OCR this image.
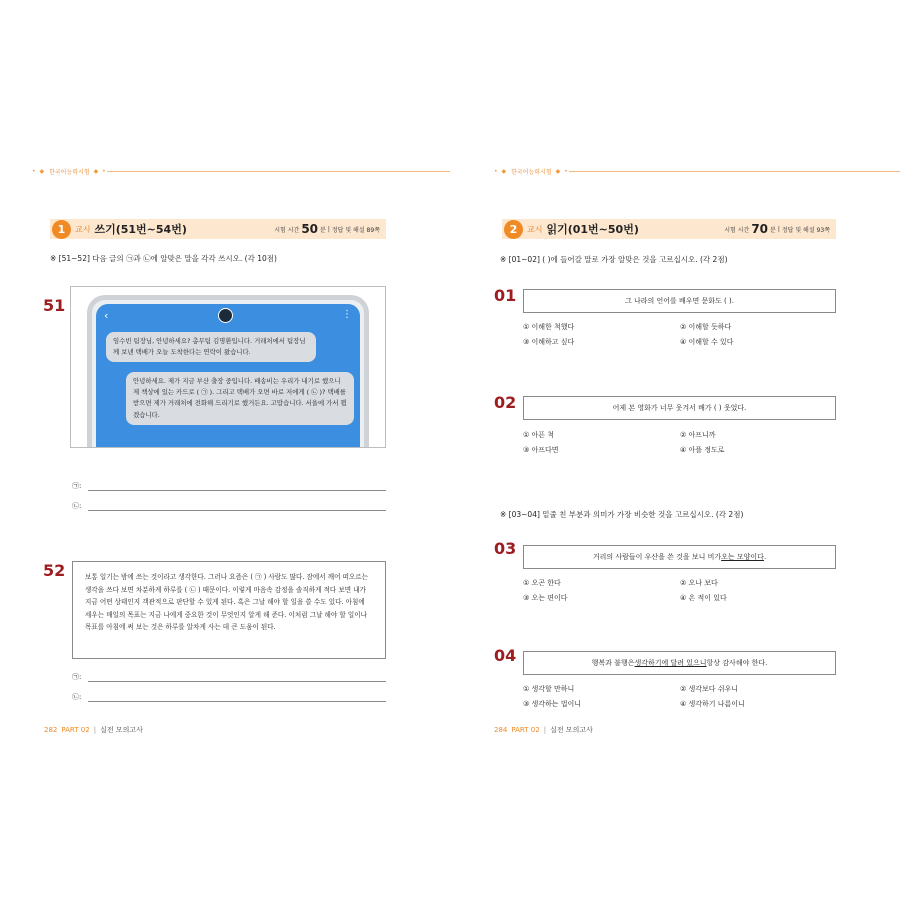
• ◆ 한국어능력시험 ◆ •
1	교시 쓰기(51번~54번)	시험 시간 50 분 | 정답 및 해설 89쪽
※ [51~52] 다음 글의 ㉠과 ㉡에 알맞은 말을 각각 쓰시오. (각 10점)
51	‹	⋮
임수빈 팀장님, 안녕하세요? 총무팀 김명환입니다. 거래처에서 팀장님께 보낸 택배가 오늘 도착한다는 연락이 왔습니다.
안녕하세요. 제가 지금 부산 출장 중입니다. 배송비는 우리가 내기로 했으니 제 책상에 있는 카드로 ( ㉠ ). 그리고 택배가 오면 바로 저에게 ( ㉡ )? 택배를 받으면 제가 거래처에 전화해 드리기로 했거든요. 고맙습니다. 서울에 가서 뵙겠습니다.
㉠:
㉡:
52	보통 일기는 밤에 쓰는 것이라고 생각한다. 그러나 요즘은 ( ㉠ ) 사람도 많다. 잠에서 깨어 떠오르는 생각을 쓰다 보면 차분하게 하루를 ( ㉡ ) 때문이다. 이렇게 마음속 감정을 솔직하게 적다 보면 내가 지금 어떤 상태인지 객관적으로 판단할 수 있게 된다. 혹은 그날 해야 할 일을 쓸 수도 있다. 아침에 세우는 매일의 목표는 지금 나에게 중요한 것이 무엇인지 알게 해 준다. 이처럼 그날 해야 할 일이나 목표를 아침에 써 보는 것은 하루를 알차게 사는 데 큰 도움이 된다.
㉠:
㉡:
282 PART 02 | 실전 모의고사
• ◆ 한국어능력시험 ◆ •
2	교시 읽기(01번~50번)	시험 시간 70 분 | 정답 및 해설 93쪽
※ [01~02] ( )에 들어갈 말로 가장 알맞은 것을 고르십시오. (각 2점)
01	그 나라의 언어를 배우면 문화도 ( ).
① 이해한 척했다	② 이해할 듯하다
③ 이해하고 싶다	④ 이해할 수 있다
02	어제 본 영화가 너무 웃겨서 배가 ( ) 웃었다.
① 아픈 척	② 아프니까
③ 아프다면	④ 아플 정도로
※ [03~04] 밑줄 친 부분과 의미가 가장 비슷한 것을 고르십시오. (각 2점)
03	거리의 사람들이 우산을 쓴 것을 보니 비가 오는 모양이다 .
① 오곤 한다	② 오나 보다
③ 오는 편이다	④ 온 적이 있다
04	행복과 불행은 생각하기에 달려 있으니 항상 감사해야 한다.
① 생각할 만하니	② 생각보다 쉬우니
③ 생각하는 법이니	④ 생각하기 나름이니
284 PART 02 | 실전 모의고사
